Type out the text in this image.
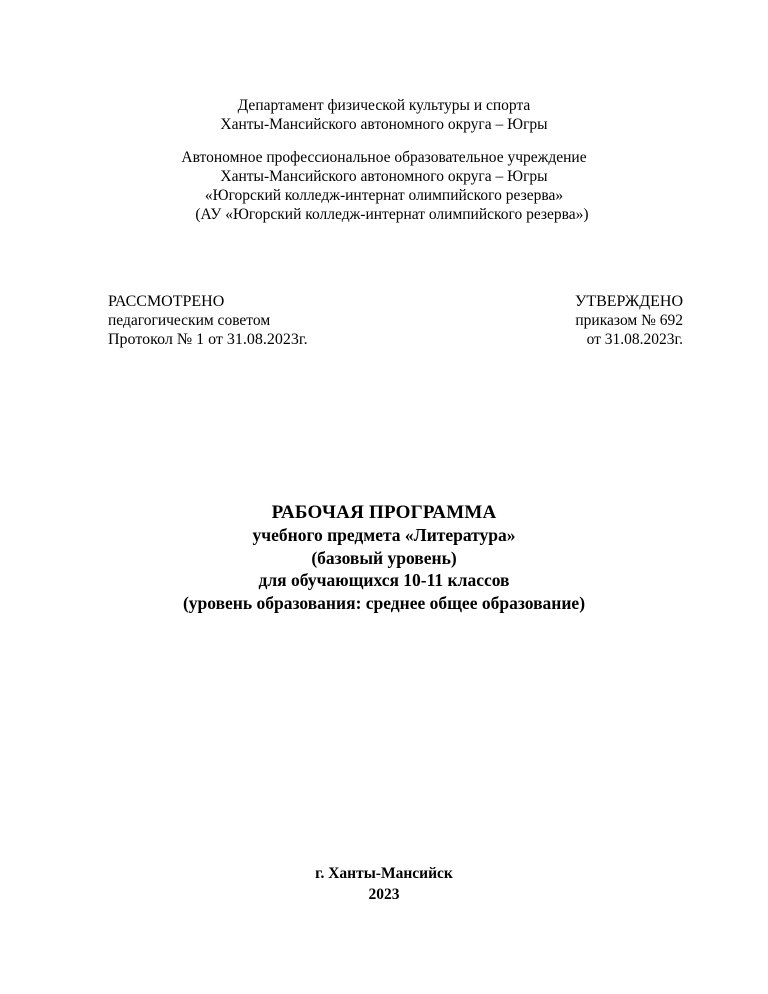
Департамент физической культуры и спорта
Ханты-Мансийского автономного округа – Югры
Автономное профессиональное образовательное учреждение
Ханты-Мансийского автономного округа – Югры
«Югорский колледж-интернат олимпийского резерва»
(АУ «Югорский колледж-интернат олимпийского резерва»)
РАССМОТРЕНО
педагогическим советом
Протокол № 1 от 31.08.2023г.
УТВЕРЖДЕНО
приказом № 692
от 31.08.2023г.
РАБОЧАЯ ПРОГРАММА
учебного предмета «Литература»
(базовый уровень)
для обучающихся 10-11 классов
(уровень образования: среднее общее образование)
г. Ханты-Мансийск
2023
